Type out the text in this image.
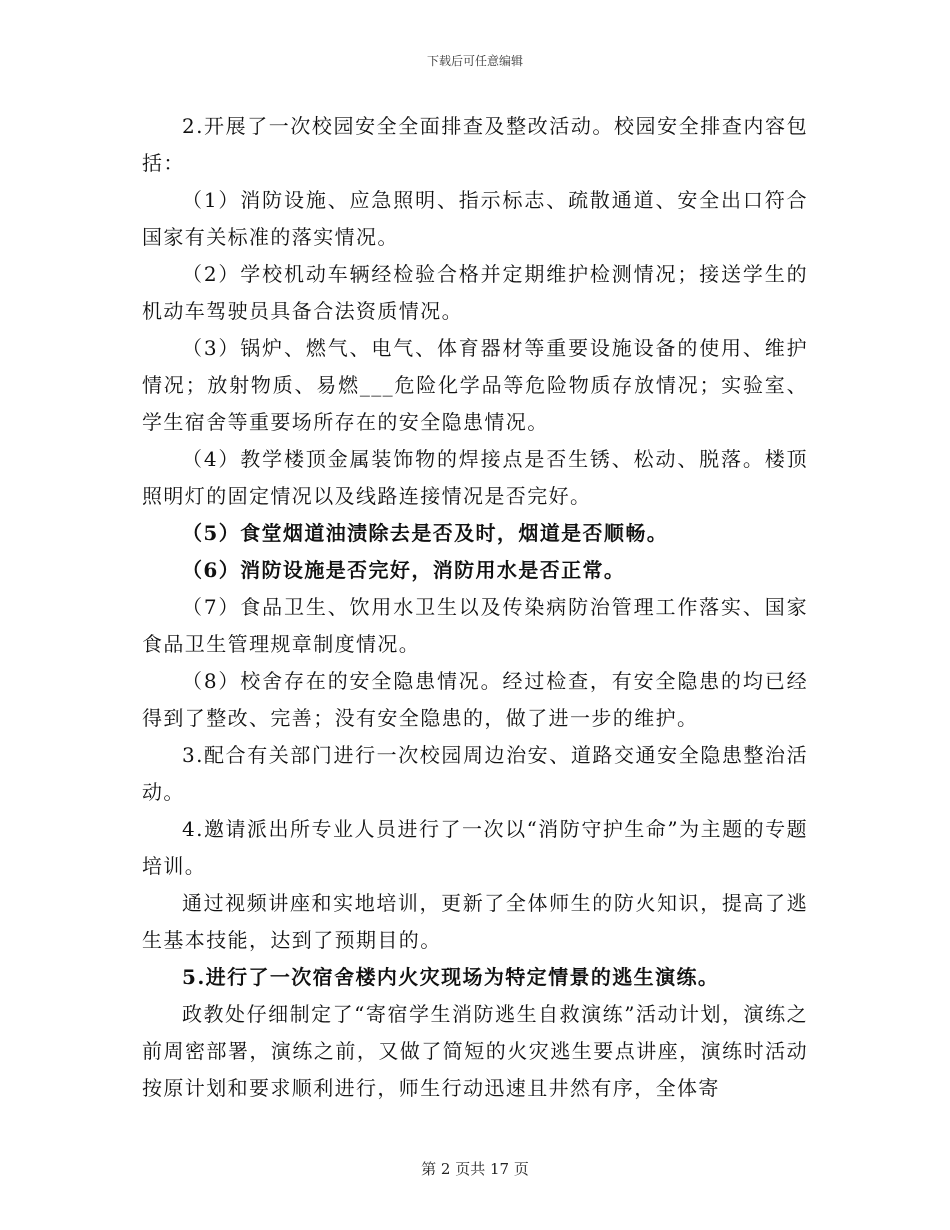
下载后可任意编辑

2.开展了一次校园安全全面排查及整改活动。校园安全排查内容包括：

（1）消防设施、应急照明、指示标志、疏散通道、安全出口符合国家有关标准的落实情况。

（2）学校机动车辆经检验合格并定期维护检测情况；接送学生的机动车驾驶员具备合法资质情况。

（3）锅炉、燃气、电气、体育器材等重要设施设备的使用、维护情况；放射物质、易燃___危险化学品等危险物质存放情况；实验室、学生宿舍等重要场所存在的安全隐患情况。

（4）教学楼顶金属装饰物的焊接点是否生锈、松动、脱落。楼顶照明灯的固定情况以及线路连接情况是否完好。

（5）食堂烟道油渍除去是否及时，烟道是否顺畅。

（6）消防设施是否完好，消防用水是否正常。

（7）食品卫生、饮用水卫生以及传染病防治管理工作落实、国家食品卫生管理规章制度情况。

（8）校舍存在的安全隐患情况。经过检查，有安全隐患的均已经得到了整改、完善；没有安全隐患的，做了进一步的维护。

3.配合有关部门进行一次校园周边治安、道路交通安全隐患整治活动。

4.邀请派出所专业人员进行了一次以“消防守护生命”为主题的专题培训。

通过视频讲座和实地培训，更新了全体师生的防火知识，提高了逃生基本技能，达到了预期目的。

5.进行了一次宿舍楼内火灾现场为特定情景的逃生演练。

政教处仔细制定了“寄宿学生消防逃生自救演练”活动计划，演练之前周密部署，演练之前，又做了简短的火灾逃生要点讲座，演练时活动按原计划和要求顺利进行，师生行动迅速且井然有序，全体寄

第 2 页共 17 页
